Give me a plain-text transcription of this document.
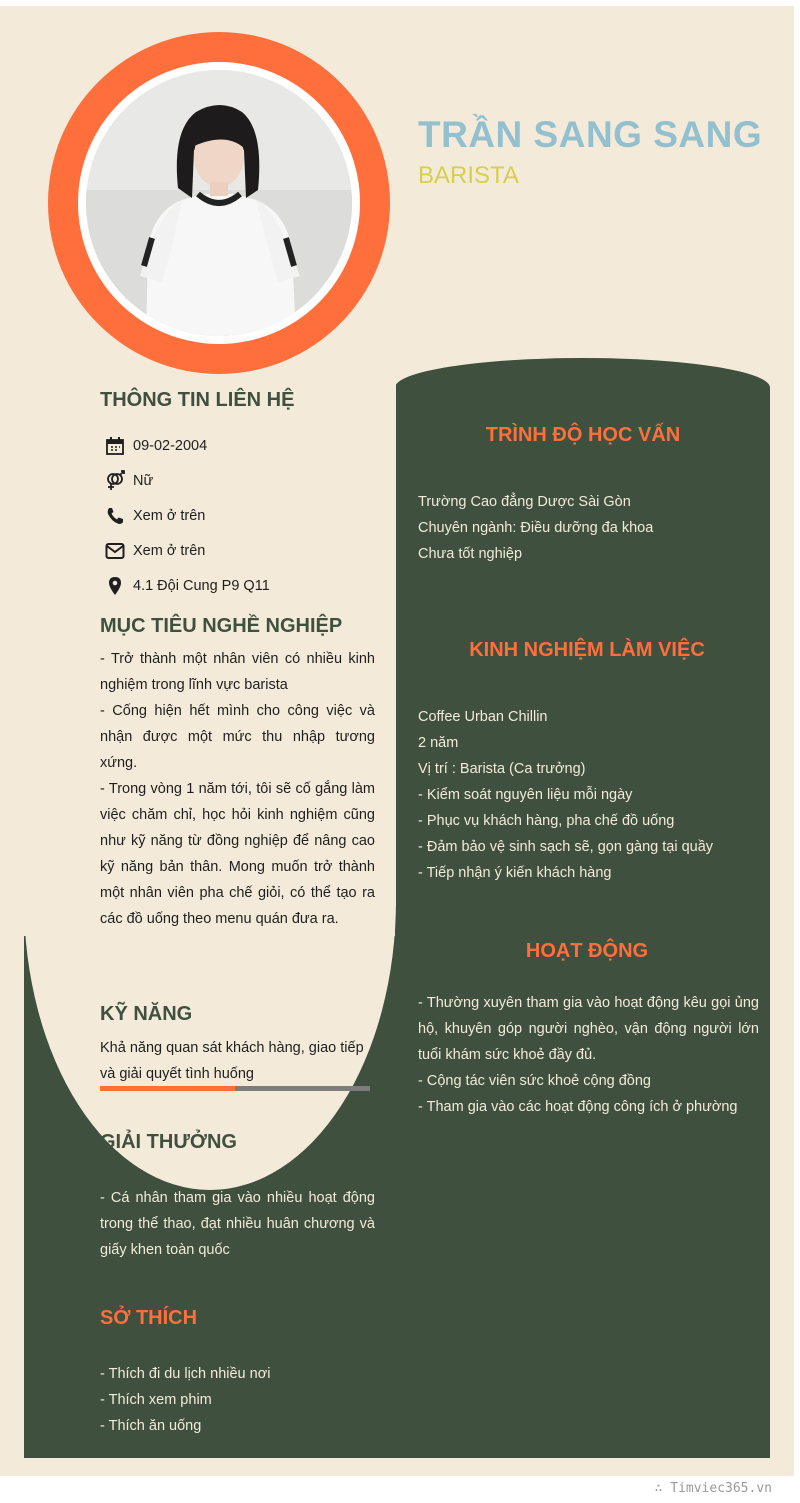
TRẦN SANG SANG
BARISTA
THÔNG TIN LIÊN HỆ
09-02-2004
Nữ
Xem ở trên
Xem ở trên
4.1 Đội Cung P9 Q11
MỤC TIÊU NGHỀ NGHIỆP
- Trở thành một nhân viên có nhiều kinh nghiệm trong lĩnh vực barista
- Cống hiện hết mình cho công việc và nhận được một mức thu nhập tương xứng.
- Trong vòng 1 năm tới, tôi sẽ cố gắng làm việc chăm chỉ, học hỏi kinh nghiệm cũng như kỹ năng từ đồng nghiệp để nâng cao kỹ năng bản thân. Mong muốn trở thành một nhân viên pha chế giỏi, có thể tạo ra các đồ uống theo menu quán đưa ra.
KỸ NĂNG
Khả năng quan sát khách hàng, giao tiếp và giải quyết tình huống
GIẢI THƯỞNG
- Cá nhân tham gia vào nhiều hoạt động trong thể thao, đạt nhiều huân chương và giấy khen toàn quốc
SỞ THÍCH
- Thích đi du lịch nhiều nơi
- Thích xem phim
- Thích ăn uống
TRÌNH ĐỘ HỌC VẤN
Trường Cao đẳng Dược Sài Gòn
Chuyên ngành: Điều dưỡng đa khoa
Chưa tốt nghiệp
KINH NGHIỆM LÀM VIỆC
Coffee Urban Chillin
2 năm
Vị trí : Barista (Ca trưởng)
- Kiểm soát nguyên liệu mỗi ngày
- Phục vụ khách hàng, pha chế đồ uống
- Đảm bảo vệ sinh sạch sẽ, gọn gàng tại quầy
- Tiếp nhận ý kiến khách hàng
HOẠT ĐỘNG
- Thường xuyên tham gia vào hoạt động kêu gọi ủng hộ, khuyên góp người nghèo, vận động người lớn tuổi khám sức khoẻ đầy đủ.
- Cộng tác viên sức khoẻ cộng đồng
- Tham gia vào các hoạt động công ích ở phường
∴ Timviec365.vn
